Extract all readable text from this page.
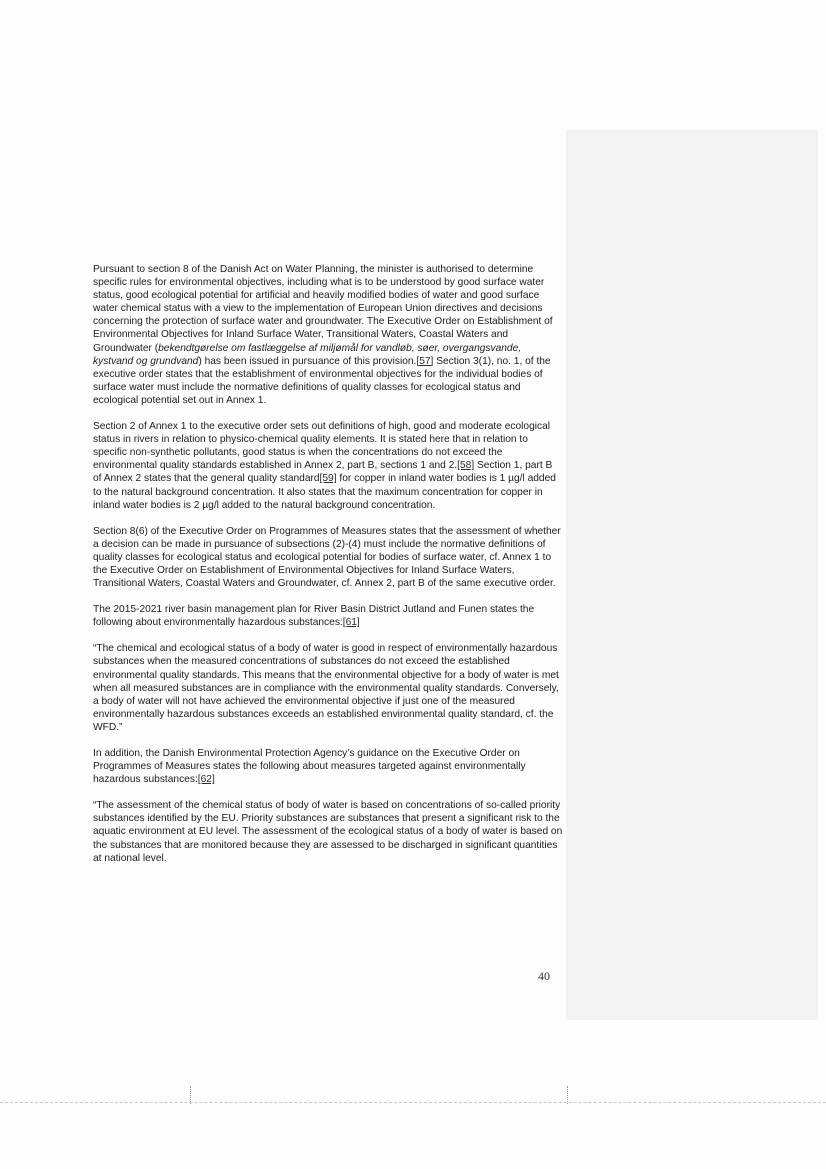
Pursuant to section 8 of the Danish Act on Water Planning, the minister is authorised to determine specific rules for environmental objectives, including what is to be understood by good surface water status, good ecological potential for artificial and heavily modified bodies of water and good surface water chemical status with a view to the implementation of European Union directives and decisions concerning the protection of surface water and groundwater. The Executive Order on Establishment of Environmental Objectives for Inland Surface Water, Transitional Waters, Coastal Waters and Groundwater (bekendtgørelse om fastlæggelse af miljømål for vandløb, søer, overgangsvande, kystvand og grundvand) has been issued in pursuance of this provision.[57] Section 3(1), no. 1, of the executive order states that the establishment of environmental objectives for the individual bodies of surface water must include the normative definitions of quality classes for ecological status and ecological potential set out in Annex 1.

Section 2 of Annex 1 to the executive order sets out definitions of high, good and moderate ecological status in rivers in relation to physico-chemical quality elements. It is stated here that in relation to specific non-synthetic pollutants, good status is when the concentrations do not exceed the environmental quality standards established in Annex 2, part B, sections 1 and 2.[58] Section 1, part B of Annex 2 states that the general quality standard[59] for copper in inland water bodies is 1 µg/l added to the natural background concentration. It also states that the maximum concentration for copper in inland water bodies is 2 µg/l added to the natural background concentration.

Section 8(6) of the Executive Order on Programmes of Measures states that the assessment of whether a decision can be made in pursuance of subsections (2)-(4) must include the normative definitions of quality classes for ecological status and ecological potential for bodies of surface water, cf. Annex 1 to the Executive Order on Establishment of Environmental Objectives for Inland Surface Waters, Transitional Waters, Coastal Waters and Groundwater, cf. Annex 2, part B of the same executive order.

The 2015-2021 river basin management plan for River Basin District Jutland and Funen states the following about environmentally hazardous substances:[61]

“The chemical and ecological status of a body of water is good in respect of environmentally hazardous substances when the measured concentrations of substances do not exceed the established environmental quality standards. This means that the environmental objective for a body of water is met when all measured substances are in compliance with the environmental quality standards. Conversely, a body of water will not have achieved the environmental objective if just one of the measured environmentally hazardous substances exceeds an established environmental quality standard, cf. the WFD.”

In addition, the Danish Environmental Protection Agency’s guidance on the Executive Order on Programmes of Measures states the following about measures targeted against environmentally hazardous substances:[62]

“The assessment of the chemical status of body of water is based on concentrations of so-called priority substances identified by the EU. Priority substances are substances that present a significant risk to the aquatic environment at EU level. The assessment of the ecological status of a body of water is based on the substances that are monitored because they are assessed to be discharged in significant quantities at national level.

40
